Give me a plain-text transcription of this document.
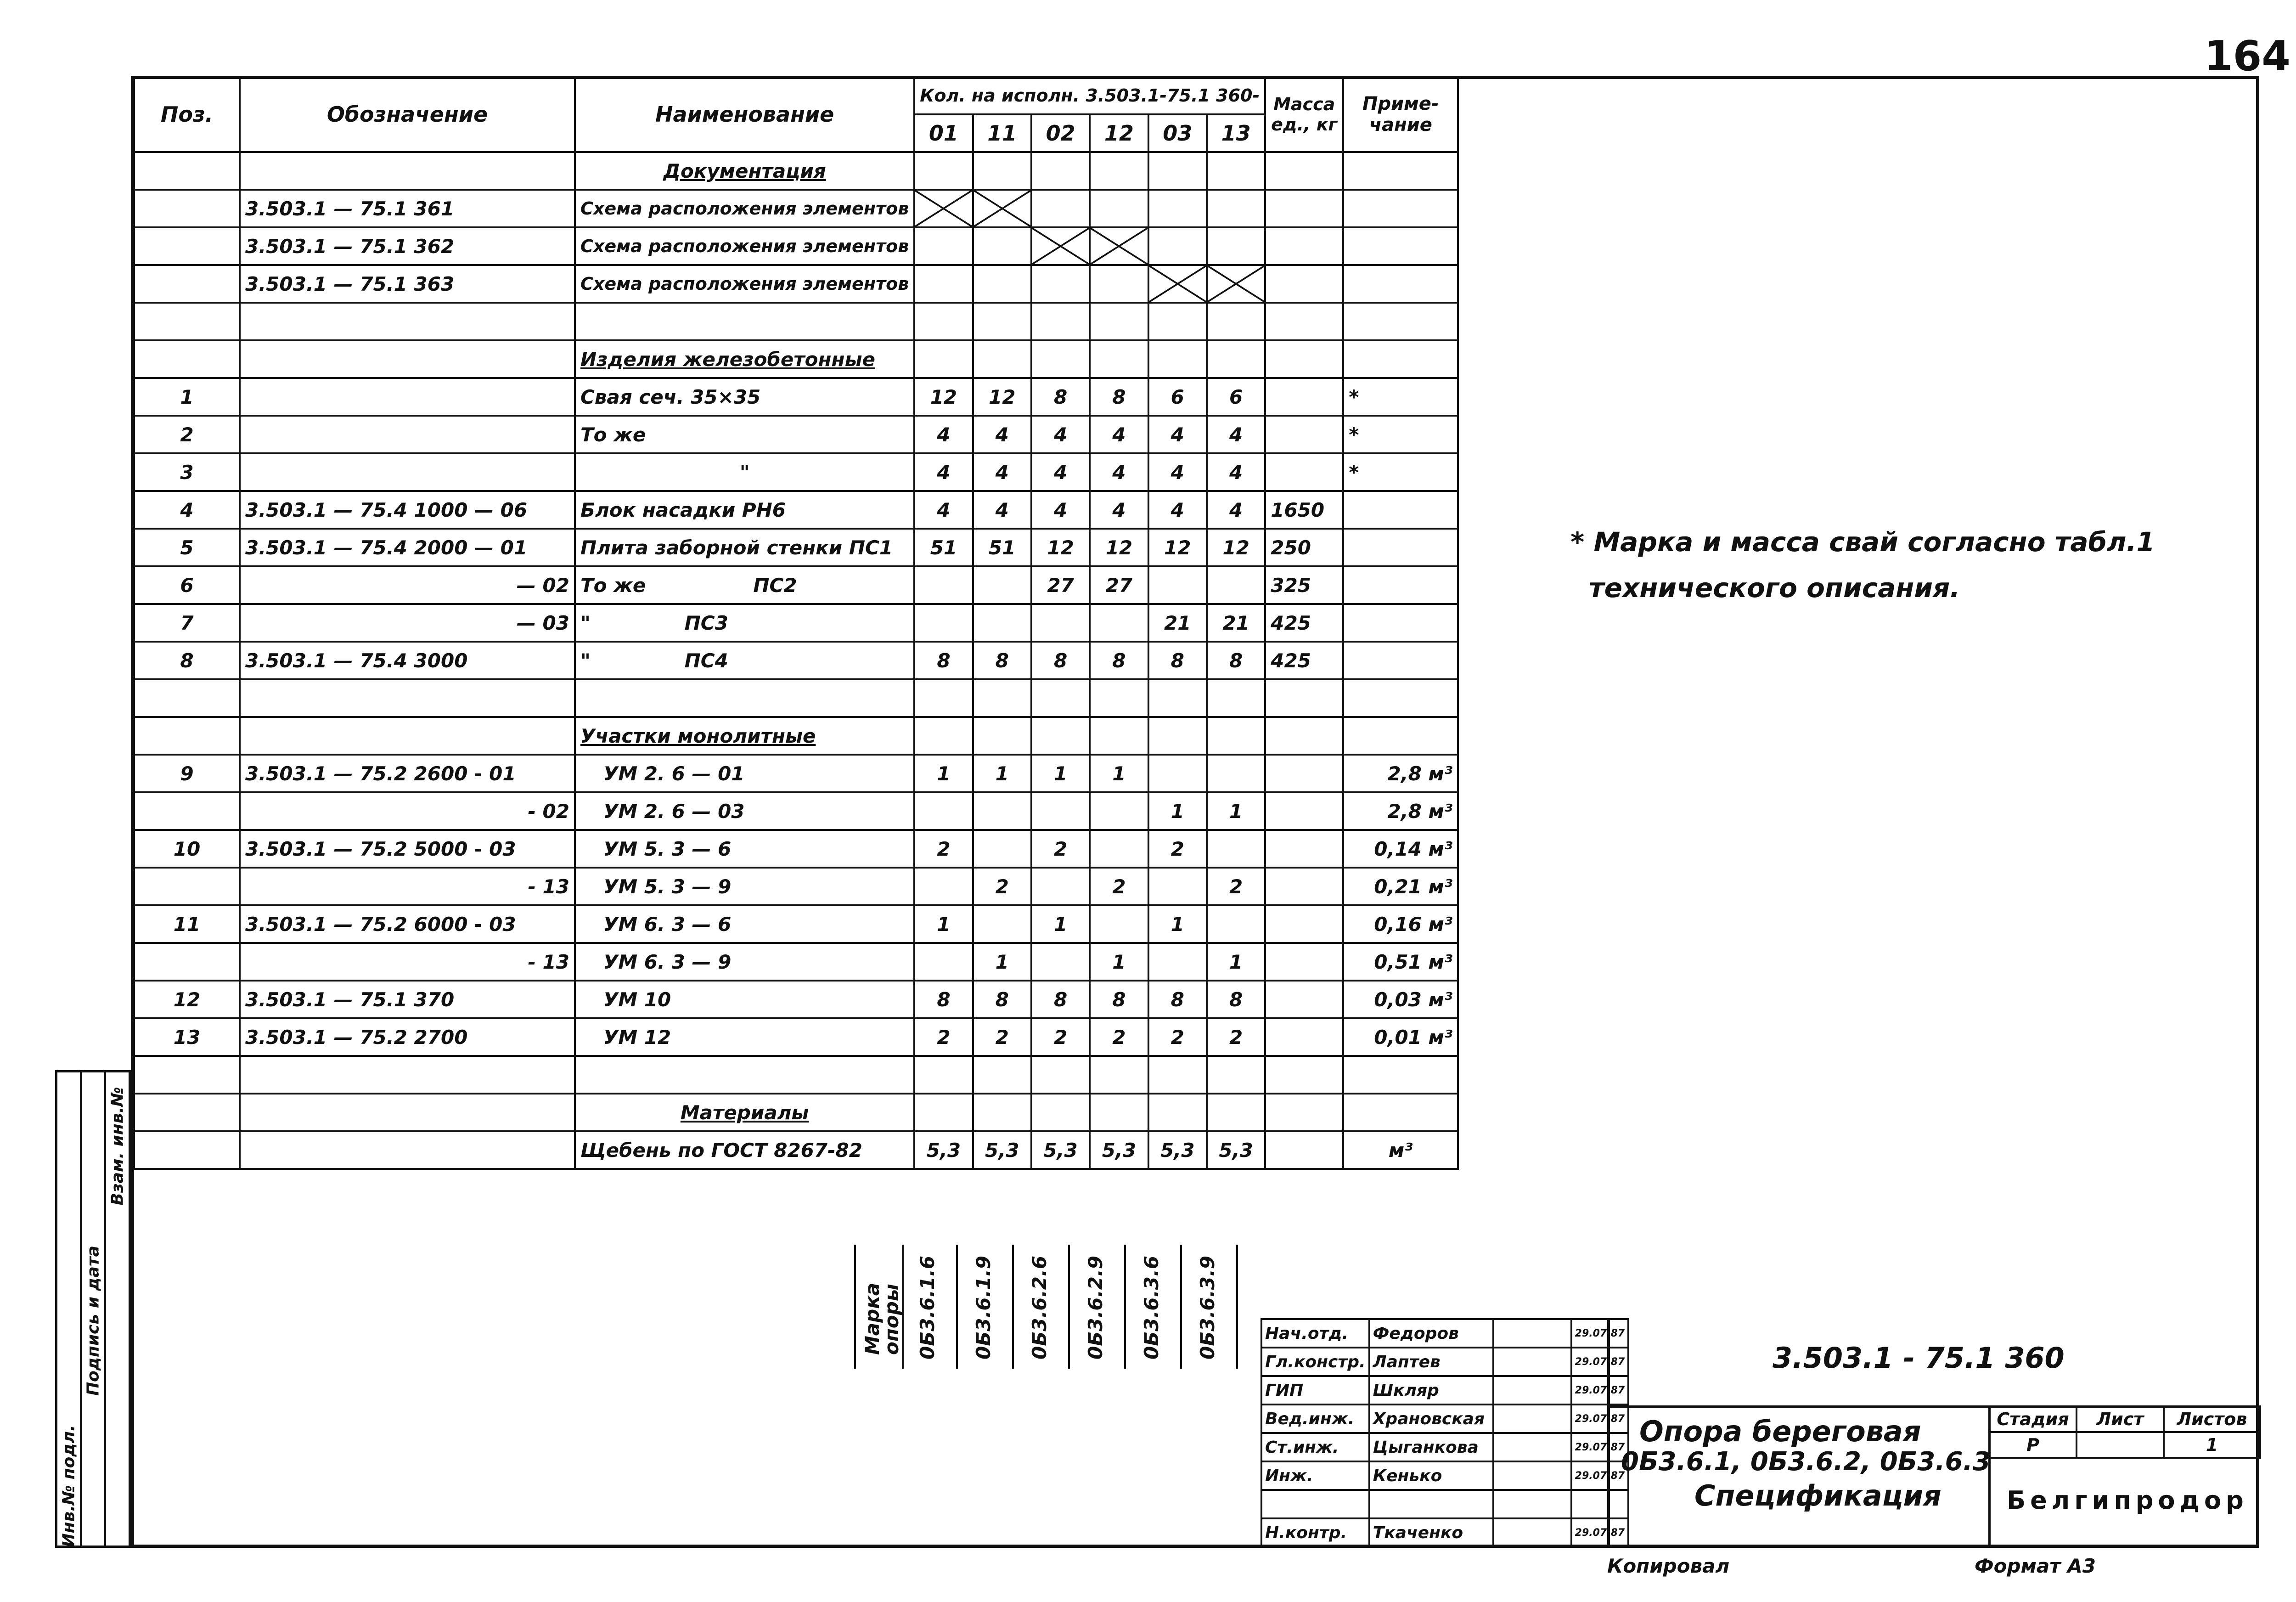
164
Инв.№ подл.
Подпись и дата
Взам. инв.№
Поз.	Обозначение	Наименование	Кол. на исполн. 3.503.1-75.1 360-						Масса ед., кг	Приме- чание
			01	11	02	12	03	13		
		Документация								
	3.503.1 — 75.1 361	Схема расположения элементов	

	3.503.1 — 75.1 362	Схема расположения элементов			

	3.503.1 — 75.1 363	Схема расположения элементов					

		Изделия железобетонные								
1		Свая сеч. 35×35	12	12	8	8	6	6		*
2		То же	4	4	4	4	4	4		*
3		"	4	4	4	4	4	4		*
4	3.503.1 — 75.4 1000 — 06	Блок насадки РН6	4	4	4	4	4	4	1650	
5	3.503.1 — 75.4 2000 — 01	Плита заборной стенки ПС1	51	51	12	12	12	12	250	
6	— 02	То же                ПС2			27	27			325	
7	— 03	"              ПС3					21	21	425	
8	3.503.1 — 75.4 3000	"              ПС4	8	8	8	8	8	8	425	

		Участки монолитные								
9	3.503.1 — 75.2 2600 - 01	УМ 2. 6 — 01	1	1	1	1				2,8 м³
	- 02	УМ 2. 6 — 03					1	1		2,8 м³
10	3.503.1 — 75.2 5000 - 03	УМ 5. 3 — 6	2		2		2			0,14 м³
	- 13	УМ 5. 3 — 9		2		2		2		0,21 м³
11	3.503.1 — 75.2 6000 - 03	УМ 6. 3 — 6	1		1		1			0,16 м³
	- 13	УМ 6. 3 — 9		1		1		1		0,51 м³
12	3.503.1 — 75.1 370	УМ 10	8	8	8	8	8	8		0,03 м³
13	3.503.1 — 75.2 2700	УМ 12	2	2	2	2	2	2		0,01 м³

		Материалы								
		Щебень по ГОСТ 8267-82	5,3	5,3	5,3	5,3	5,3	5,3		м³
Марка опоры 0Б3.6.1.6 0Б3.6.1.9 0Б3.6.2.6 0Б3.6.2.9 0Б3.6.3.6 0Б3.6.3.9
* Марка и масса свай согласно табл.1
технического описания.
Нач.отд.	Федоров		29.07.87
Гл.констр.	Лаптев		29.07.87
ГИП	Шкляр		29.07.87
Вед.инж.	Храновская		29.07.87
Ст.инж.	Цыганкова		29.07.87
Инж.	Кенько		29.07.87

Н.контр.	Ткаченко		29.07.87
3.503.1 - 75.1 360
Опора береговая
0Б3.6.1, 0Б3.6.2, 0Б3.6.3
Спецификация
Стадия	Лист	Листов
Р		1
Белгипродор
Копировал	Формат А3
